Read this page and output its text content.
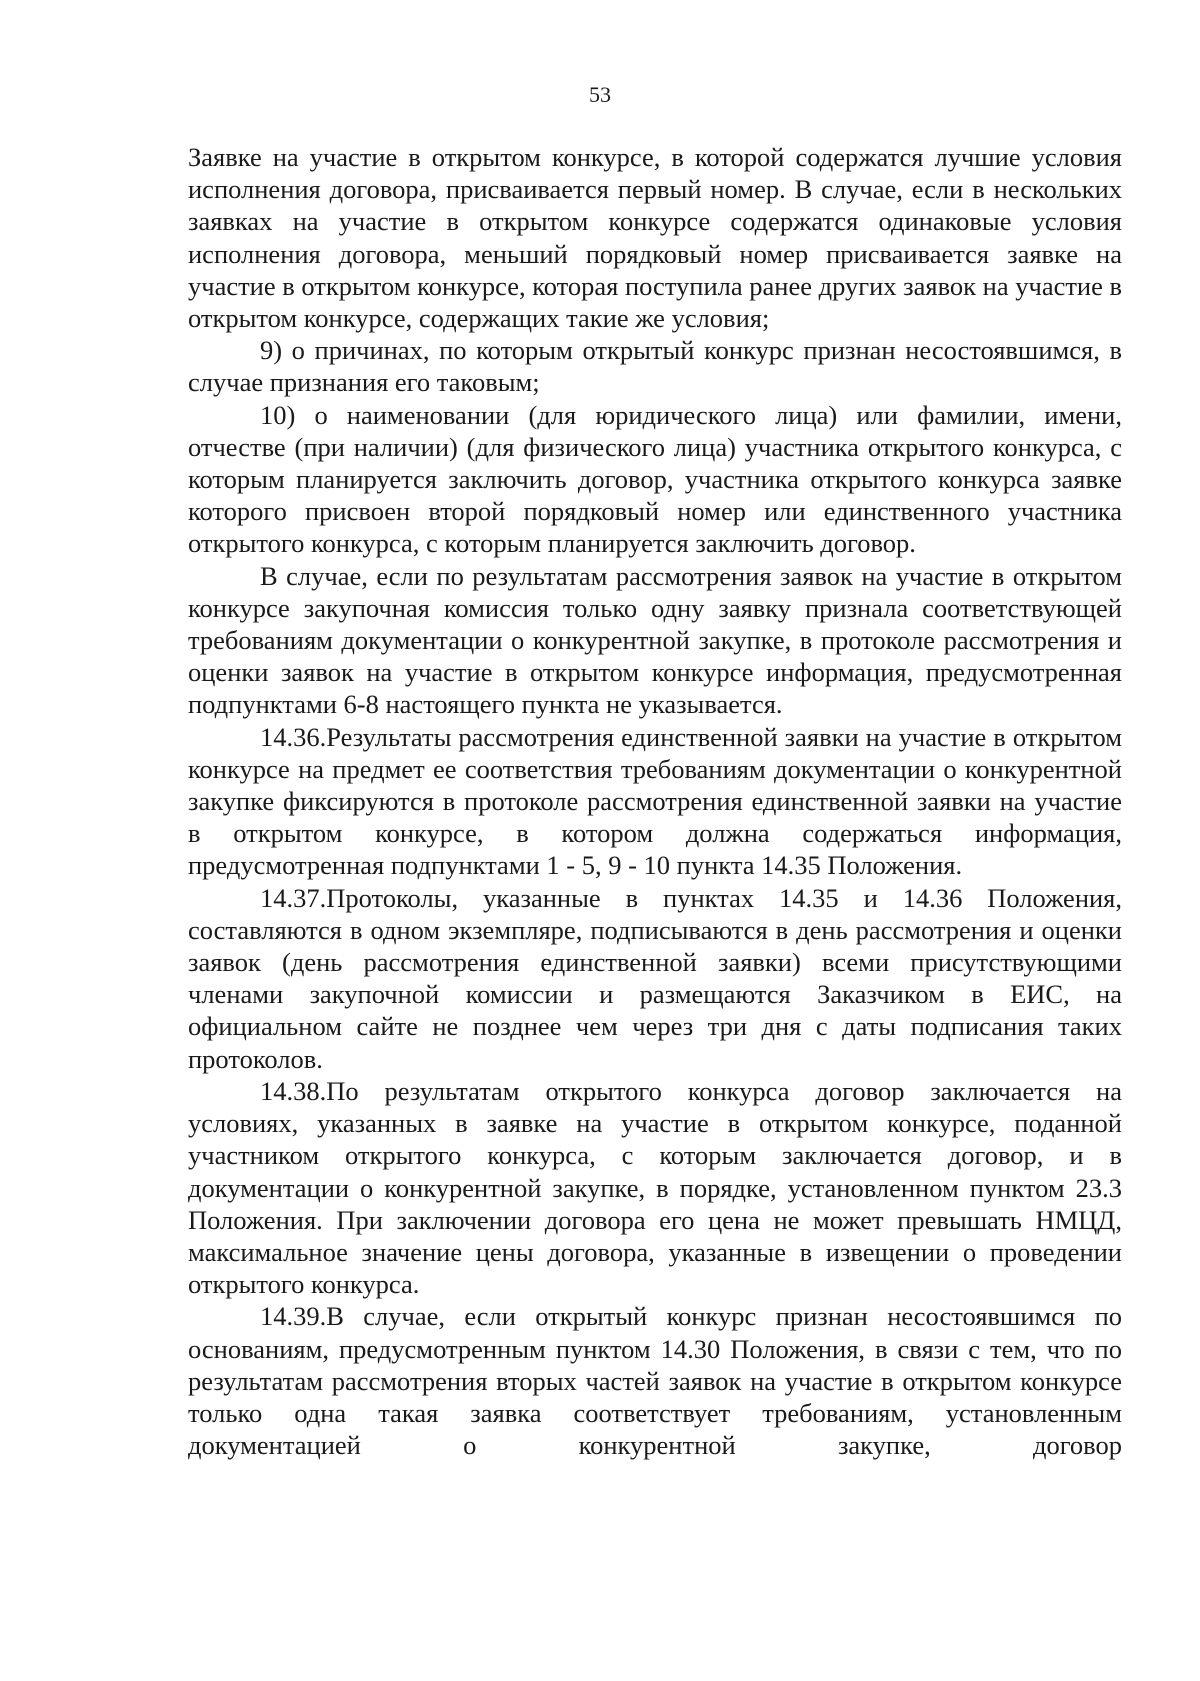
53

Заявке на участие в открытом конкурсе, в которой содержатся лучшие условия исполнения договора, присваивается первый номер. В случае, если в нескольких заявках на участие в открытом конкурсе содержатся одинаковые условия исполнения договора, меньший порядковый номер присваивается заявке на участие в открытом конкурсе, которая поступила ранее других заявок на участие в открытом конкурсе, содержащих такие же условия;

9) о причинах, по которым открытый конкурс признан несостоявшимся, в случае признания его таковым;

10) о наименовании (для юридического лица) или фамилии, имени, отчестве (при наличии) (для физического лица) участника открытого конкурса, с которым планируется заключить договор, участника открытого конкурса заявке которого присвоен второй порядковый номер или единственного участника открытого конкурса, с которым планируется заключить договор.

В случае, если по результатам рассмотрения заявок на участие в открытом конкурсе закупочная комиссия только одну заявку признала соответствующей требованиям документации о конкурентной закупке, в протоколе рассмотрения и оценки заявок на участие в открытом конкурсе информация, предусмотренная подпунктами 6-8 настоящего пункта не указывается.

14.36.Результаты рассмотрения единственной заявки на участие в открытом конкурсе на предмет ее соответствия требованиям документации о конкурентной закупке фиксируются в протоколе рассмотрения единственной заявки на участие в открытом конкурсе, в котором должна содержаться информация, предусмотренная подпунктами 1 - 5, 9 - 10 пункта 14.35 Положения.

14.37.Протоколы, указанные в пунктах 14.35 и 14.36 Положения, составляются в одном экземпляре, подписываются в день рассмотрения и оценки заявок (день рассмотрения единственной заявки) всеми присутствующими членами закупочной комиссии и размещаются Заказчиком в ЕИС, на официальном сайте не позднее чем через три дня с даты подписания таких протоколов.

14.38.По результатам открытого конкурса договор заключается на условиях, указанных в заявке на участие в открытом конкурсе, поданной участником открытого конкурса, с которым заключается договор, и в документации о конкурентной закупке, в порядке, установленном пунктом 23.3 Положения. При заключении договора его цена не может превышать НМЦД, максимальное значение цены договора, указанные в извещении о проведении открытого конкурса.

14.39.В случае, если открытый конкурс признан несостоявшимся по основаниям, предусмотренным пунктом 14.30 Положения, в связи с тем, что по результатам рассмотрения вторых частей заявок на участие в открытом конкурсе только одна такая заявка соответствует требованиям, установленным документацией о конкурентной закупке, договор
